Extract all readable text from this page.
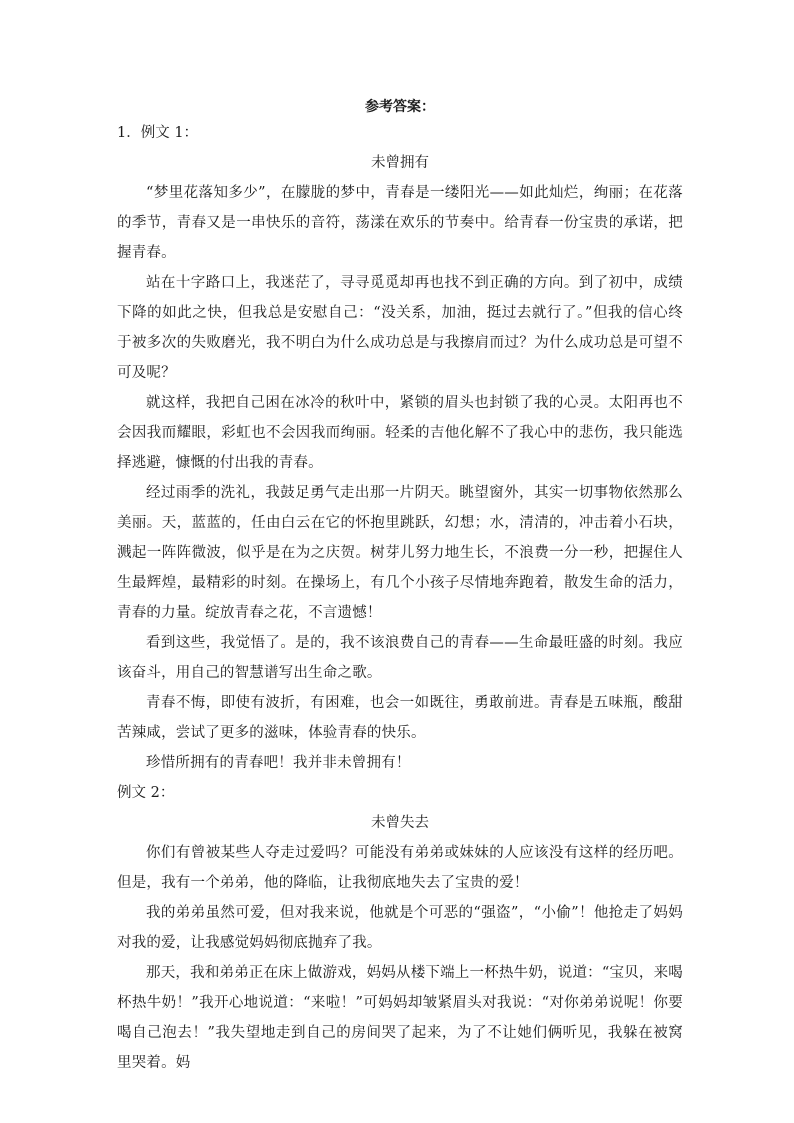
参考答案：

1．例文 1：

未曾拥有

“梦里花落知多少”，在朦胧的梦中，青春是一缕阳光——如此灿烂，绚丽；在花落的季节，青春又是一串快乐的音符，荡漾在欢乐的节奏中。给青春一份宝贵的承诺，把握青春。

站在十字路口上，我迷茫了，寻寻觅觅却再也找不到正确的方向。到了初中，成绩下降的如此之快，但我总是安慰自己：“没关系，加油，挺过去就行了。”但我的信心终于被多次的失败磨光，我不明白为什么成功总是与我擦肩而过？为什么成功总是可望不可及呢？

就这样，我把自己困在冰冷的秋叶中，紧锁的眉头也封锁了我的心灵。太阳再也不会因我而耀眼，彩虹也不会因我而绚丽。轻柔的吉他化解不了我心中的悲伤，我只能选择逃避，慷慨的付出我的青春。

经过雨季的洗礼，我鼓足勇气走出那一片阴天。眺望窗外，其实一切事物依然那么美丽。天，蓝蓝的，任由白云在它的怀抱里跳跃，幻想；水，清清的，冲击着小石块，溅起一阵阵微波，似乎是在为之庆贺。树芽儿努力地生长，不浪费一分一秒，把握住人生最辉煌，最精彩的时刻。在操场上，有几个小孩子尽情地奔跑着，散发生命的活力，青春的力量。绽放青春之花，不言遗憾！

看到这些，我觉悟了。是的，我不该浪费自己的青春——生命最旺盛的时刻。我应该奋斗，用自己的智慧谱写出生命之歌。

青春不悔，即使有波折，有困难，也会一如既往，勇敢前进。青春是五味瓶，酸甜苦辣咸，尝试了更多的滋味，体验青春的快乐。

珍惜所拥有的青春吧！我并非未曾拥有！

例文 2：

未曾失去

你们有曾被某些人夺走过爱吗？可能没有弟弟或妹妹的人应该没有这样的经历吧。但是，我有一个弟弟，他的降临，让我彻底地失去了宝贵的爱！

我的弟弟虽然可爱，但对我来说，他就是个可恶的“强盗”，“小偷”！他抢走了妈妈对我的爱，让我感觉妈妈彻底抛弃了我。

那天，我和弟弟正在床上做游戏，妈妈从楼下端上一杯热牛奶，说道：“宝贝，来喝杯热牛奶！”我开心地说道：“来啦！”可妈妈却皱紧眉头对我说：“对你弟弟说呢！你要喝自己泡去！”我失望地走到自己的房间哭了起来，为了不让她们俩听见，我躲在被窝里哭着。妈
